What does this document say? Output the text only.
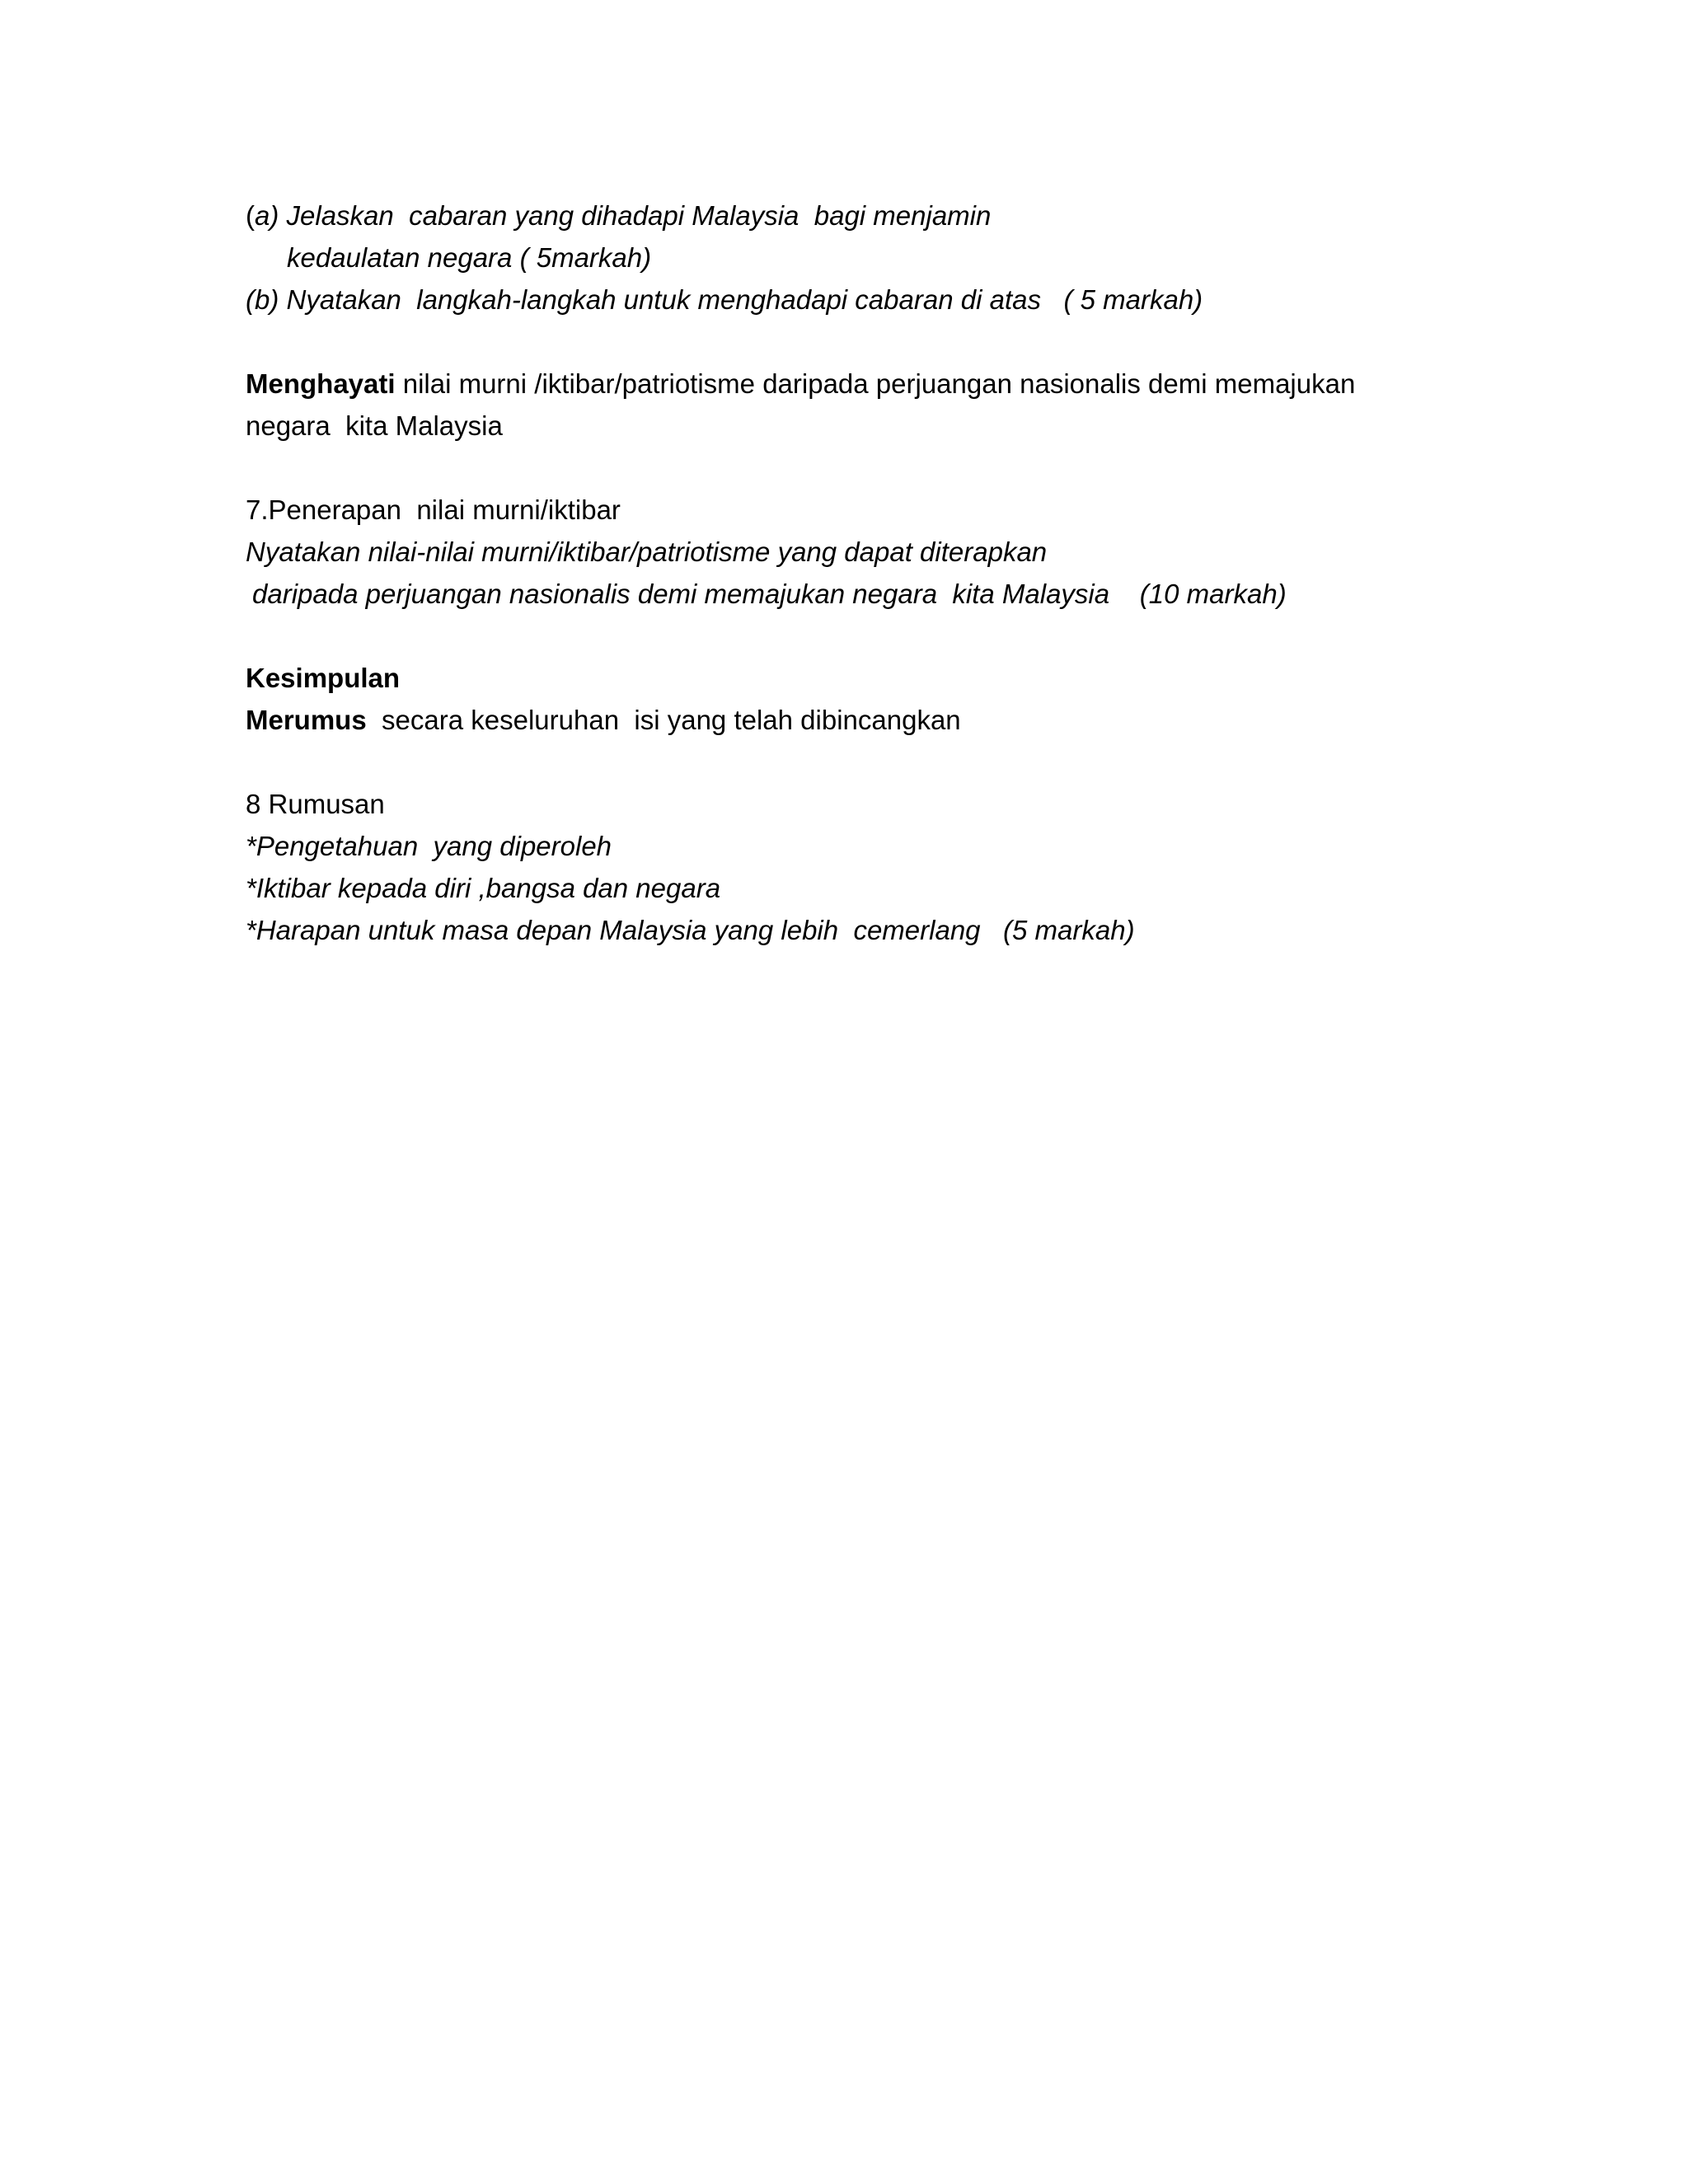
(a) Jelaskan  cabaran yang dihadapi Malaysia  bagi menjamin
kedaulatan negara ( 5markah)
(b) Nyatakan  langkah-langkah untuk menghadapi cabaran di atas   ( 5 markah)
Menghayati nilai murni /iktibar/patriotisme daripada perjuangan nasionalis demi memajukan
negara  kita Malaysia
7.Penerapan  nilai murni/iktibar
Nyatakan nilai-nilai murni/iktibar/patriotisme yang dapat diterapkan
daripada perjuangan nasionalis demi memajukan negara  kita Malaysia    (10 markah)
Kesimpulan
Merumus  secara keseluruhan  isi yang telah dibincangkan
8 Rumusan
*Pengetahuan  yang diperoleh
*Iktibar kepada diri ,bangsa dan negara
*Harapan untuk masa depan Malaysia yang lebih  cemerlang   (5 markah)
